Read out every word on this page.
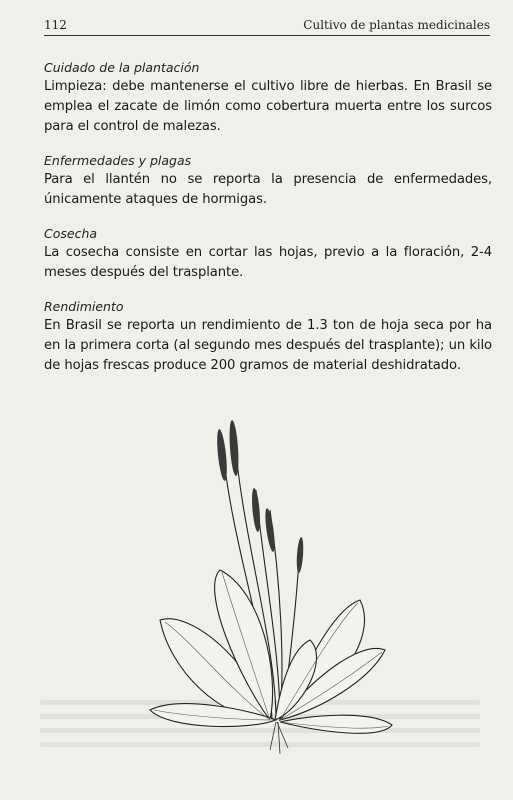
112	Cultivo de plantas medicinales

Cuidado de la plantación

Limpieza: debe mantenerse el cultivo libre de hierbas. En Brasil se emplea el zacate de limón como cobertura muerta entre los surcos para el control de malezas.

Enfermedades y plagas

Para el llantén no se reporta la presencia de enfermedades, únicamente ataques de hormigas.

Cosecha

La cosecha consiste en cortar las hojas, previo a la floración, 2-4 meses después del trasplante.

Rendimiento

En Brasil se reporta un rendimiento de 1.3 ton de hoja seca por ha en la primera corta (al segundo mes después del trasplante); un kilo de hojas frescas produce 200 gramos de material deshidratado.
